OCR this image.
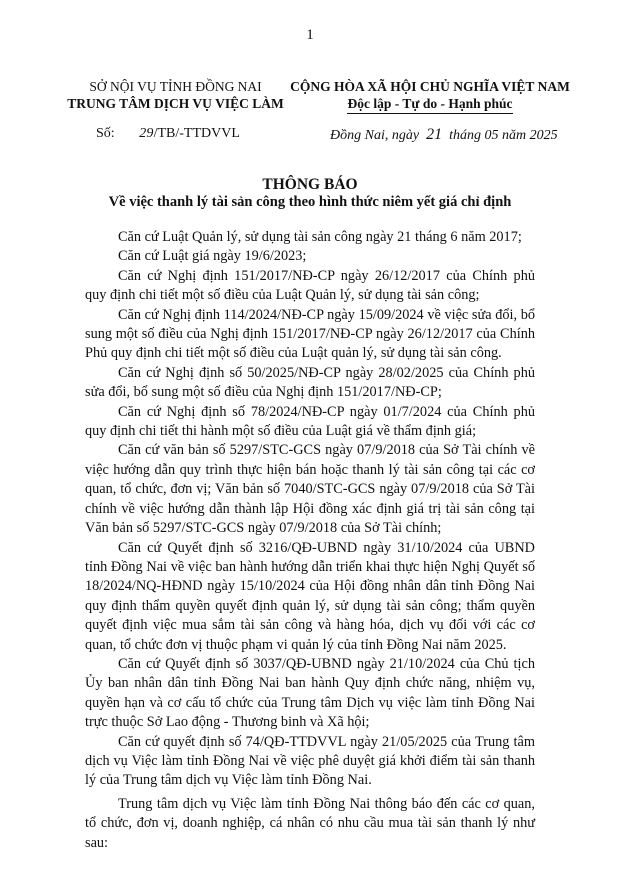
1
SỞ NỘI VỤ TỈNH ĐỒNG NAI
TRUNG TÂM DỊCH VỤ VIỆC LÀM
CỘNG HÒA XÃ HỘI CHỦ NGHĨA VIỆT NAM
Độc lập - Tự do - Hạnh phúc
Số: 29/TB/-TTDVVL	Đồng Nai, ngày 21 tháng 05 năm 2025
THÔNG BÁO
Về việc thanh lý tài sản công theo hình thức niêm yết giá chỉ định

Căn cứ Luật Quản lý, sử dụng tài sản công ngày 21 tháng 6 năm 2017;

Căn cứ Luật giá ngày 19/6/2023;

Căn cứ Nghị định 151/2017/NĐ-CP ngày 26/12/2017 của Chính phủ quy định chi tiết một số điều của Luật Quản lý, sử dụng tài sản công;

Căn cứ Nghị định 114/2024/NĐ-CP ngày 15/09/2024 về việc sửa đổi, bổ sung một số điều của Nghị định 151/2017/NĐ-CP ngày 26/12/2017 của Chính Phủ quy định chi tiết một số điều của Luật quản lý, sử dụng tài sản công.

Căn cứ Nghị định số 50/2025/NĐ-CP ngày 28/02/2025 của Chính phủ sửa đổi, bổ sung một số điều của Nghị định 151/2017/NĐ-CP;

Căn cứ Nghị định số 78/2024/NĐ-CP ngày 01/7/2024 của Chính phủ quy định chi tiết thi hành một số điều của Luật giá về thẩm định giá;

Căn cứ văn bản số 5297/STC-GCS ngày 07/9/2018 của Sở Tài chính về việc hướng dẫn quy trình thực hiện bán hoặc thanh lý tài sản công tại các cơ quan, tổ chức, đơn vị; Văn bản số 7040/STC-GCS ngày 07/9/2018 của Sở Tài chính về việc hướng dẫn thành lập Hội đồng xác định giá trị tài sản công tại Văn bản số 5297/STC-GCS ngày 07/9/2018 của Sở Tài chính;

Căn cứ Quyết định số 3216/QĐ-UBND ngày 31/10/2024 của UBND tỉnh Đồng Nai về việc ban hành hướng dẫn triển khai thực hiện Nghị Quyết số 18/2024/NQ-HĐND ngày 15/10/2024 của Hội đồng nhân dân tỉnh Đồng Nai quy định thẩm quyền quyết định quản lý, sử dụng tài sản công; thẩm quyền quyết định việc mua sắm tài sản công và hàng hóa, dịch vụ đối với các cơ quan, tổ chức đơn vị thuộc phạm vi quản lý của tỉnh Đồng Nai năm 2025.

Căn cứ Quyết định số 3037/QĐ-UBND ngày 21/10/2024 của Chủ tịch Ủy ban nhân dân tỉnh Đồng Nai ban hành Quy định chức năng, nhiệm vụ, quyền hạn và cơ cấu tổ chức của Trung tâm Dịch vụ việc làm tỉnh Đồng Nai trực thuộc Sở Lao động - Thương binh và Xã hội;

Căn cứ quyết định số 74/QĐ-TTDVVL ngày 21/05/2025 của Trung tâm dịch vụ Việc làm tỉnh Đồng Nai về việc phê duyệt giá khởi điểm tài sản thanh lý của Trung tâm dịch vụ Việc làm tỉnh Đồng Nai.

Trung tâm dịch vụ Việc làm tỉnh Đồng Nai thông báo đến các cơ quan, tổ chức, đơn vị, doanh nghiệp, cá nhân có nhu cầu mua tài sản thanh lý như sau:
